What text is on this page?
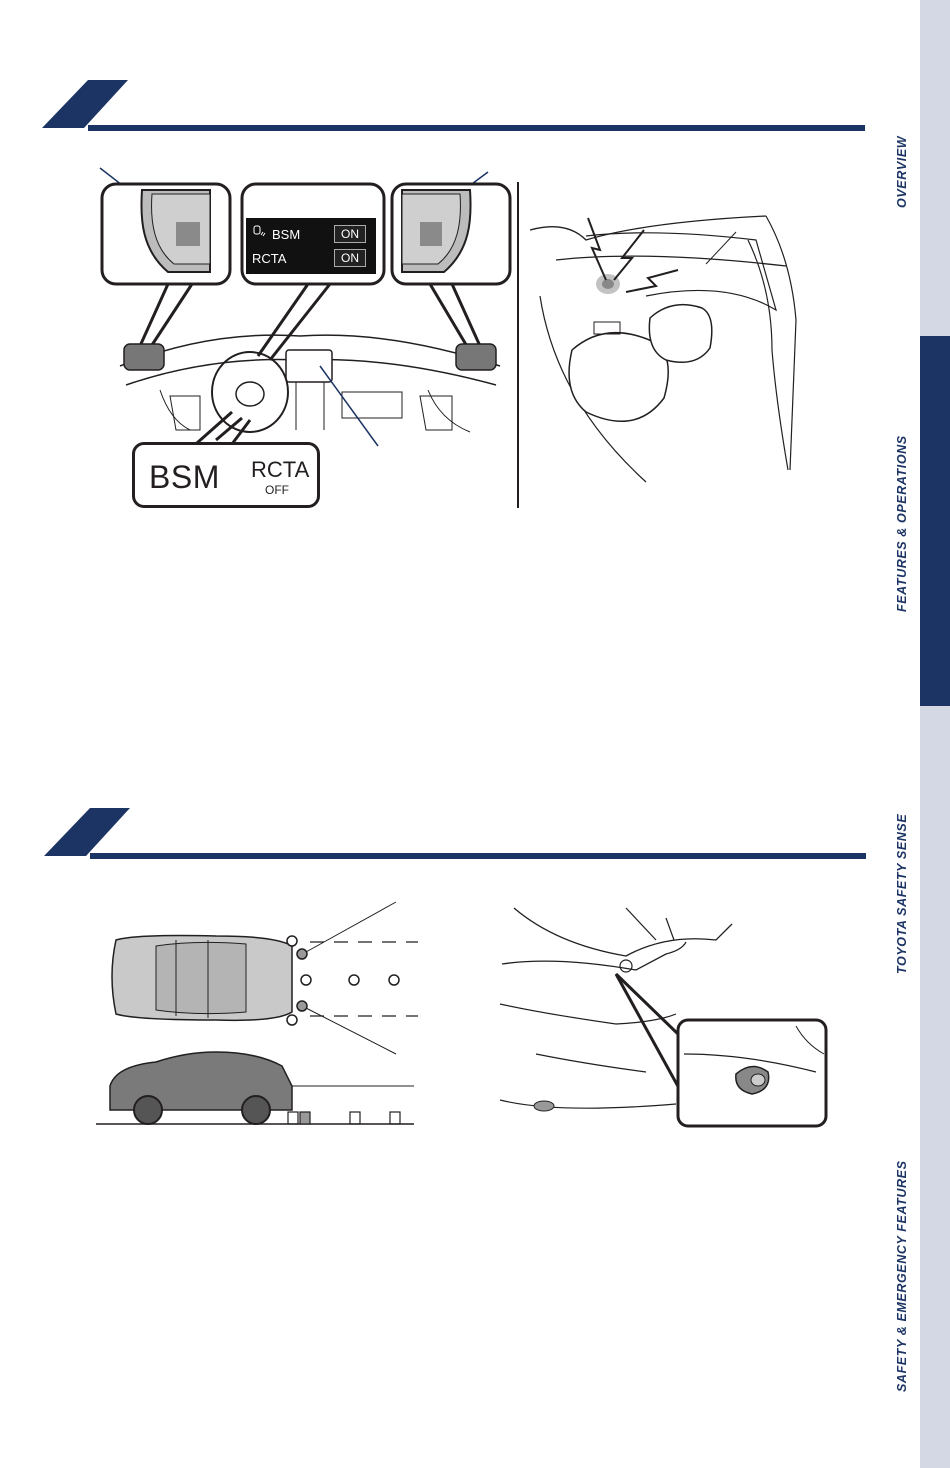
BSM	ON
RCTA	ON
BSM RCTA
OFF
OVERVIEW
FEATURES & OPERATIONS
TOYOTA SAFETY SENSE
SAFETY & EMERGENCY FEATURES
